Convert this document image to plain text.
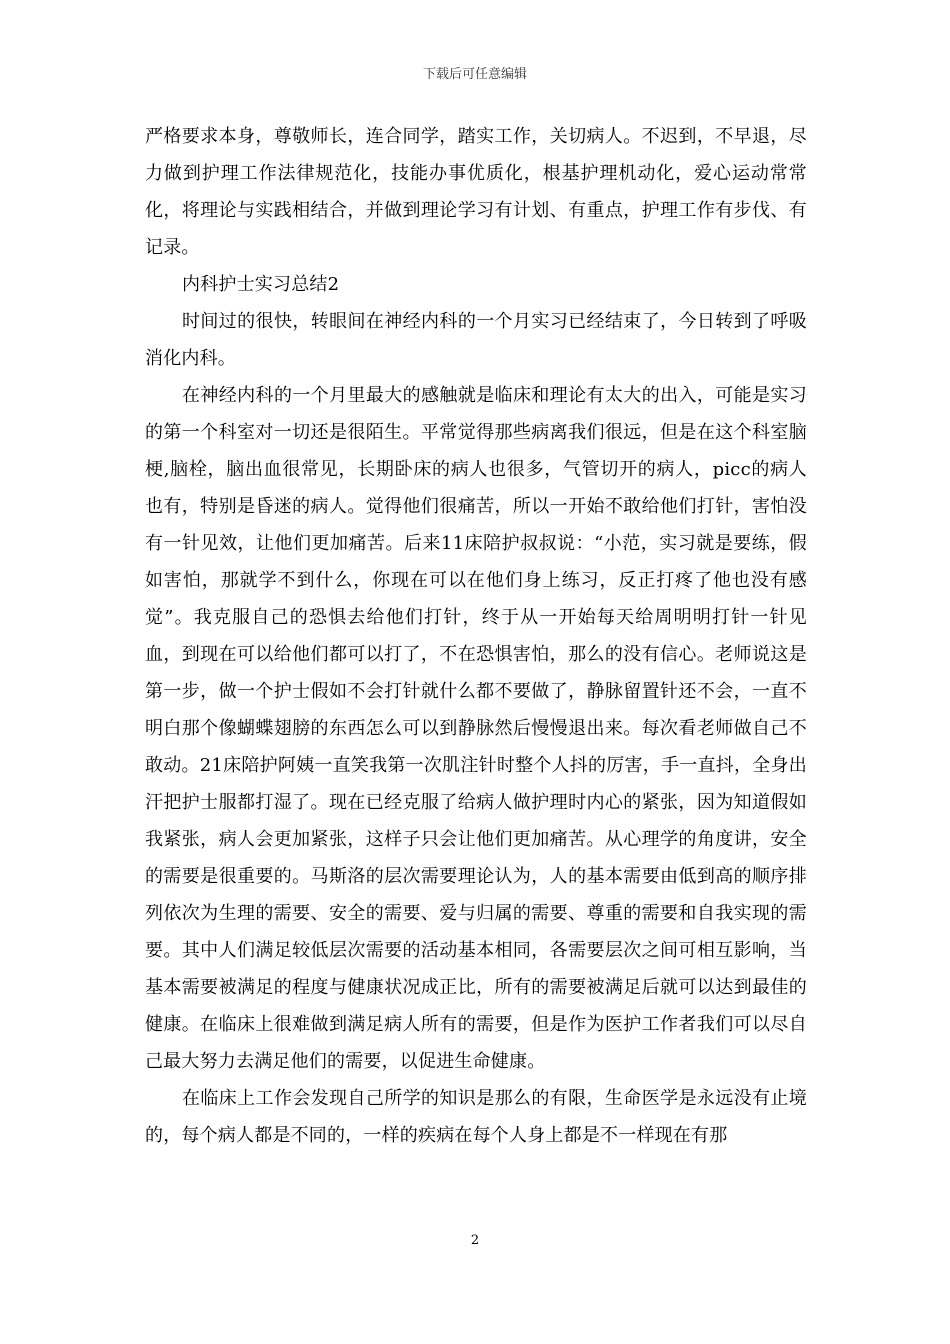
下载后可任意编辑

严格要求本身，尊敬师长，连合同学，踏实工作，关切病人。不迟到，不早退，尽力做到护理工作法律规范化，技能办事优质化，根基护理机动化，爱心运动常常化，将理论与实践相结合，并做到理论学习有计划、有重点，护理工作有步伐、有记录。

内科护士实习总结2

时间过的很快，转眼间在神经内科的一个月实习已经结束了，今日转到了呼吸消化内科。

在神经内科的一个月里最大的感触就是临床和理论有太大的出入，可能是实习的第一个科室对一切还是很陌生。平常觉得那些病离我们很远，但是在这个科室脑梗,脑栓，脑出血很常见，长期卧床的病人也很多，气管切开的病人，picc的病人也有，特别是昏迷的病人。觉得他们很痛苦，所以一开始不敢给他们打针，害怕没有一针见效，让他们更加痛苦。后来11床陪护叔叔说：“小范，实习就是要练，假如害怕，那就学不到什么，你现在可以在他们身上练习，反正打疼了他也没有感觉”。我克服自己的恐惧去给他们打针，终于从一开始每天给周明明打针一针见血，到现在可以给他们都可以打了，不在恐惧害怕，那么的没有信心。老师说这是第一步，做一个护士假如不会打针就什么都不要做了，静脉留置针还不会，一直不明白那个像蝴蝶翅膀的东西怎么可以到静脉然后慢慢退出来。每次看老师做自己不敢动。21床陪护阿姨一直笑我第一次肌注针时整个人抖的厉害，手一直抖，全身出汗把护士服都打湿了。现在已经克服了给病人做护理时内心的紧张，因为知道假如我紧张，病人会更加紧张，这样子只会让他们更加痛苦。从心理学的角度讲，安全的需要是很重要的。马斯洛的层次需要理论认为，人的基本需要由低到高的顺序排列依次为生理的需要、安全的需要、爱与归属的需要、尊重的需要和自我实现的需要。其中人们满足较低层次需要的活动基本相同，各需要层次之间可相互影响，当基本需要被满足的程度与健康状况成正比，所有的需要被满足后就可以达到最佳的健康。在临床上很难做到满足病人所有的需要，但是作为医护工作者我们可以尽自己最大努力去满足他们的需要，以促进生命健康。

在临床上工作会发现自己所学的知识是那么的有限，生命医学是永远没有止境的，每个病人都是不同的，一样的疾病在每个人身上都是不一样现在有那

2
